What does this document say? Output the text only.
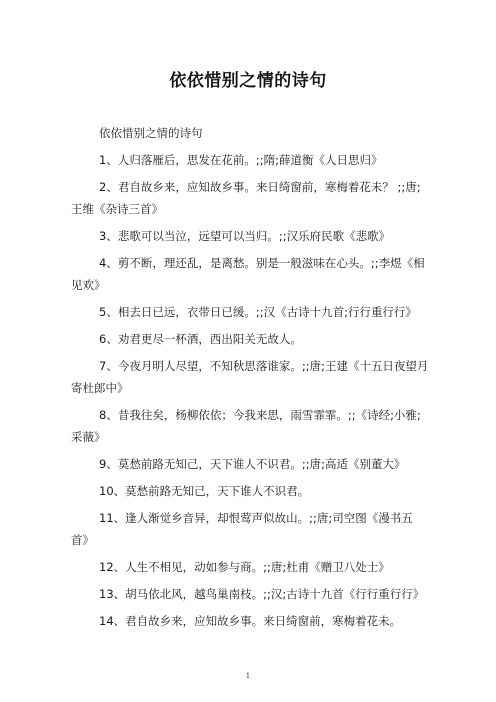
依依惜别之情的诗句

依依惜别之情的诗句

1、人归落雁后，思发在花前。;;隋;薛道衡《人日思归》

2、君自故乡来，应知故乡事。来日绮窗前，寒梅着花未？ ;;唐;王维《杂诗三首》

3、悲歌可以当泣，远望可以当归。;;汉乐府民歌《悲歌》

4、剪不断，理还乱，是离愁。别是一般滋味在心头。;;李煜《相见欢》

5、相去日已远，衣带日已缓。;;汉《古诗十九首;行行重行行》

6、劝君更尽一杯酒，西出阳关无故人。

7、今夜月明人尽望，不知秋思落谁家。;;唐;王建《十五日夜望月寄杜郎中》

8、昔我往矣，杨柳依依；今我来思，雨雪霏霏。;;《诗经;小雅;采薇》

9、莫愁前路无知己，天下谁人不识君。;;唐;高适《别董大》

10、莫愁前路无知己，天下谁人不识君。

11、逢人渐觉乡音异，却恨莺声似故山。;;唐;司空图《漫书五首》

12、人生不相见，动如参与商。;;唐;杜甫《赠卫八处士》

13、胡马依北风，越鸟巢南枝。;;汉;古诗十九首《行行重行行》

14、君自故乡来，应知故乡事。来日绮窗前，寒梅着花未。

1
